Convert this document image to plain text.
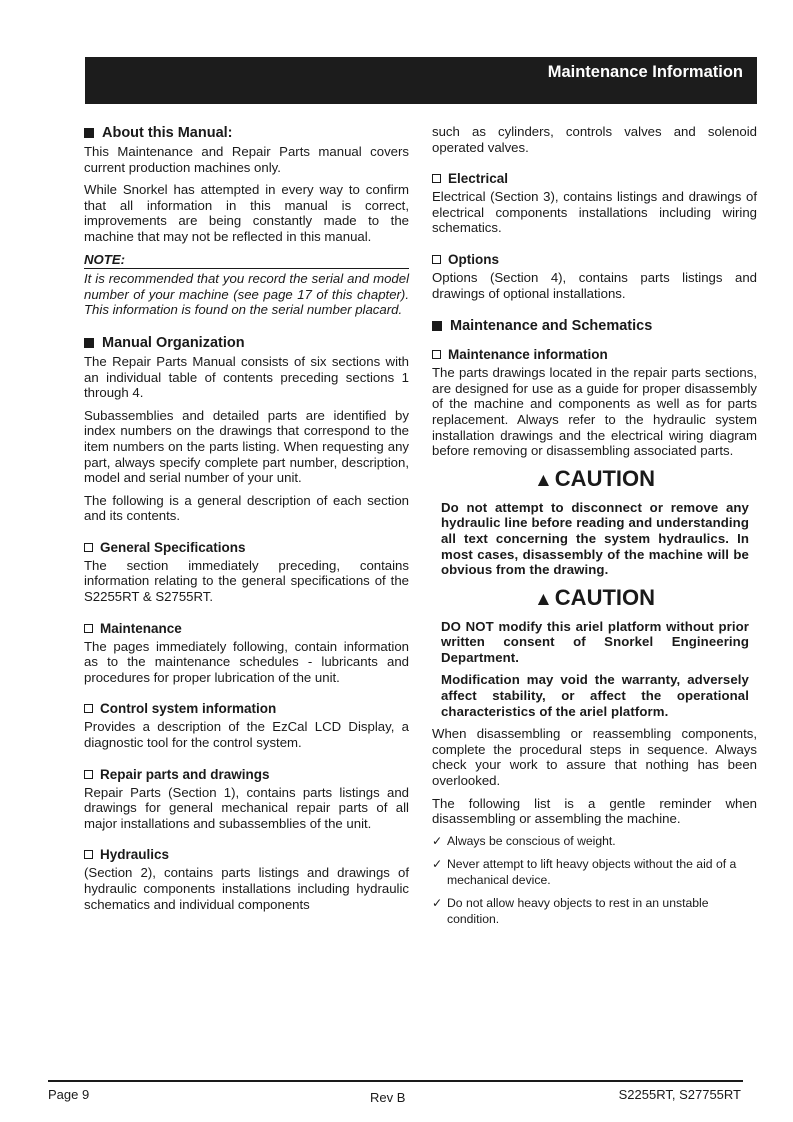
Maintenance Information
About this Manual:

This Maintenance and Repair Parts manual covers current production machines only.

While Snorkel has attempted in every way to confirm that all information in this manual is correct, improvements are being constantly made to the machine that may not be reflected in this manual.

NOTE:

It is recommended that you record the serial and model number of your machine (see page 17 of this chapter). This information is found on the serial number placard.

Manual Organization

The Repair Parts Manual consists of six sections with an individual table of contents preceding sections 1 through 4.

Subassemblies and detailed parts are identified by index numbers on the drawings that correspond to the item numbers on the parts listing. When requesting any part, always specify complete part number, description, model and serial number of your unit.

The following is a general description of each section and its contents.

General Specifications

The section immediately preceding, contains information relating to the general specifications of the S2255RT & S2755RT.

Maintenance

The pages immediately following, contain information as to the maintenance schedules - lubricants and procedures for proper lubrication of the unit.

Control system information

Provides a description of the EzCal LCD Display, a diagnostic tool for the control system.

Repair parts and drawings

Repair Parts (Section 1), contains parts listings and drawings for general mechanical repair parts of all major installations and subassemblies of the unit.

Hydraulics

(Section 2), contains parts listings and drawings of hydraulic components installations including hydraulic schematics and individual components

such as cylinders, controls valves and solenoid operated valves.

Electrical

Electrical (Section 3), contains listings and drawings of electrical components installations including wiring schematics.

Options

Options (Section 4), contains parts listings and drawings of optional installations.

Maintenance and Schematics
Maintenance information

The parts drawings located in the repair parts sections, are designed for use as a guide for proper disassembly of the machine and components as well as for parts replacement. Always refer to the hydraulic system installation drawings and the electrical wiring diagram before removing or disassembling associated parts.

▲CAUTION

Do not attempt to disconnect or remove any hydraulic line before reading and understanding all text concerning the system hydraulics. In most cases, disassembly of the machine will be obvious from the drawing.

▲CAUTION

DO NOT modify this ariel platform without prior written consent of Snorkel Engineering Department.

Modification may void the warranty, adversely affect stability, or affect the operational characteristics of the ariel platform.

When disassembling or reassembling components, complete the procedural steps in sequence. Always check your work to assure that nothing has been overlooked.

The following list is a gentle reminder when disassembling or assembling the machine.

✓ Always be conscious of weight.
✓ Never attempt to lift heavy objects without the aid of a mechanical device.
✓ Do not allow heavy objects to rest in an unstable condition.
Page 9	Rev B	S2255RT, S27755RT
